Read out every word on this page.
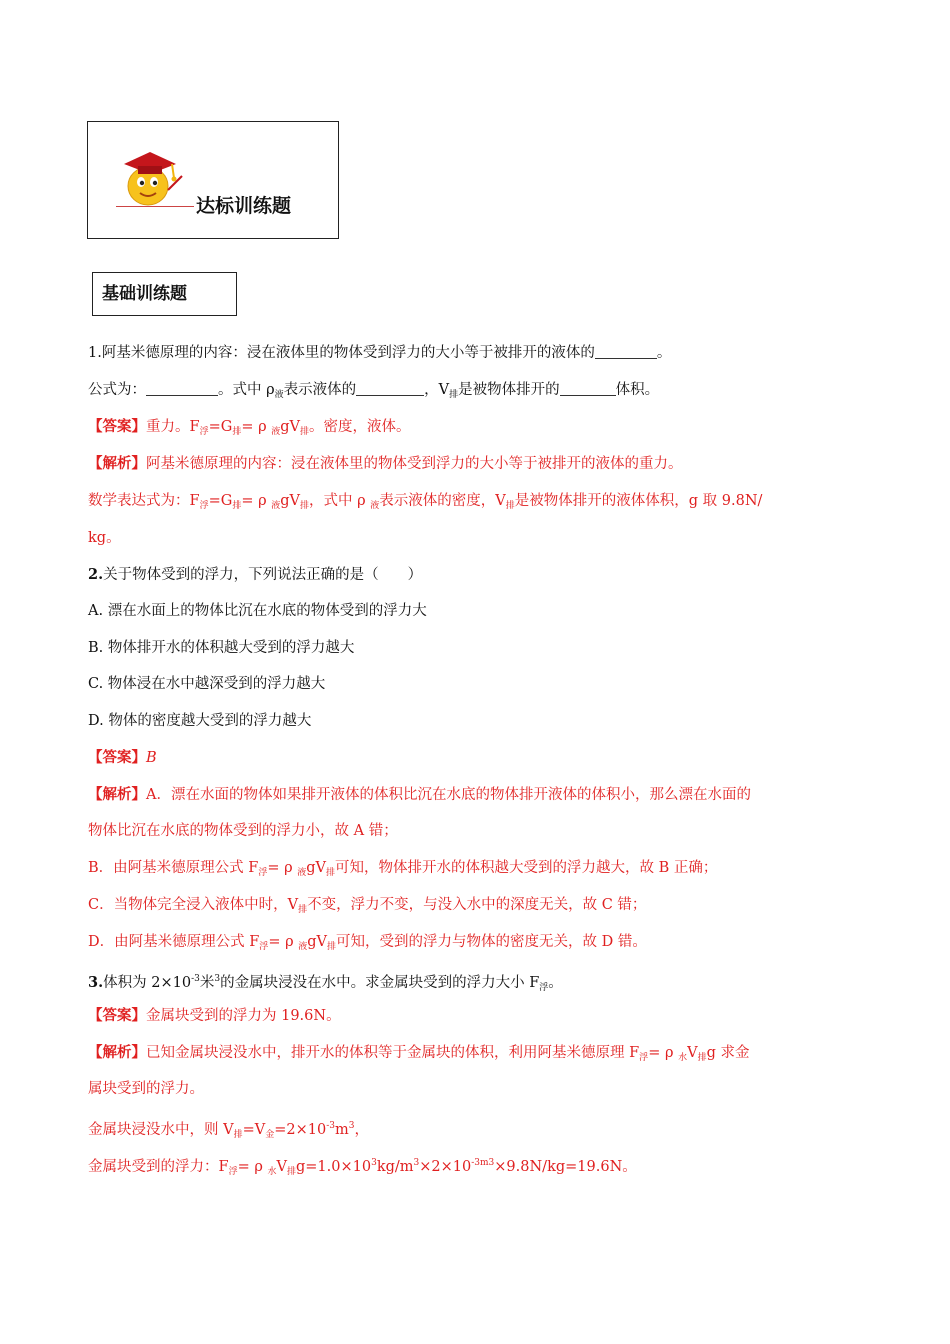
达标训练题
基础训练题
1.阿基米德原理的内容：浸在液体里的物体受到浮力的大小等于被排开的液体的	。
公式为：	。式中 $\rho_液$表示液体的	，$V_排$是被物体排开的	体积。
【答案】重力。$F_浮=G_排= \rho$ $_液gV_排$。密度，液体。
【解析】阿基米德原理的内容：浸在液体里的物体受到浮力的大小等于被排开的液体的重力。
数学表达式为：$F_浮=G_排= \rho$ $_液gV_排$，式中 ρ $_液$表示液体的密度，$V_排$是被物体排开的液体体积，g 取 9.8N/
kg。
2.关于物体受到的浮力，下列说法正确的是（　　）
A. 漂在水面上的物体比沉在水底的物体受到的浮力大
B. 物体排开水的体积越大受到的浮力越大
C. 物体浸在水中越深受到的浮力越大
D. 物体的密度越大受到的浮力越大
【答案】B
【解析】A．漂在水面的物体如果排开液体的体积比沉在水底的物体排开液体的体积小，那么漂在水面的
物体比沉在水底的物体受到的浮力小，故 A 错；
B．由阿基米德原理公式 $F_浮= \rho$ $_液gV_排$可知，物体排开水的体积越大受到的浮力越大，故 B 正确；
C．当物体完全浸入液体中时，$V_排$不变，浮力不变，与没入水中的深度无关，故 C 错；
D．由阿基米德原理公式 $F_浮= \rho$ $_液gV_排$可知，受到的浮力与物体的密度无关，故 D 错。
3.体积为 $2\times 10^{-3}$米$^3$的金属块浸没在水中。求金属块受到的浮力大小 $F_浮$。
【答案】金属块受到的浮力为 19.6N。
【解析】已知金属块浸没水中，排开水的体积等于金属块的体积，利用阿基米德原理 $F_浮= \rho$ $_水V_排g$ 求金
属块受到的浮力。
金属块浸没水中，则 $V_排=V_金=2\times 10^{-3}m^3$，
金属块受到的浮力：$F_浮= \rho$ $_水V_排g=1.0\times 10^3kg/m^3\times 2\times 10^{-3m3}\times 9.8N/kg=19.6N$。
